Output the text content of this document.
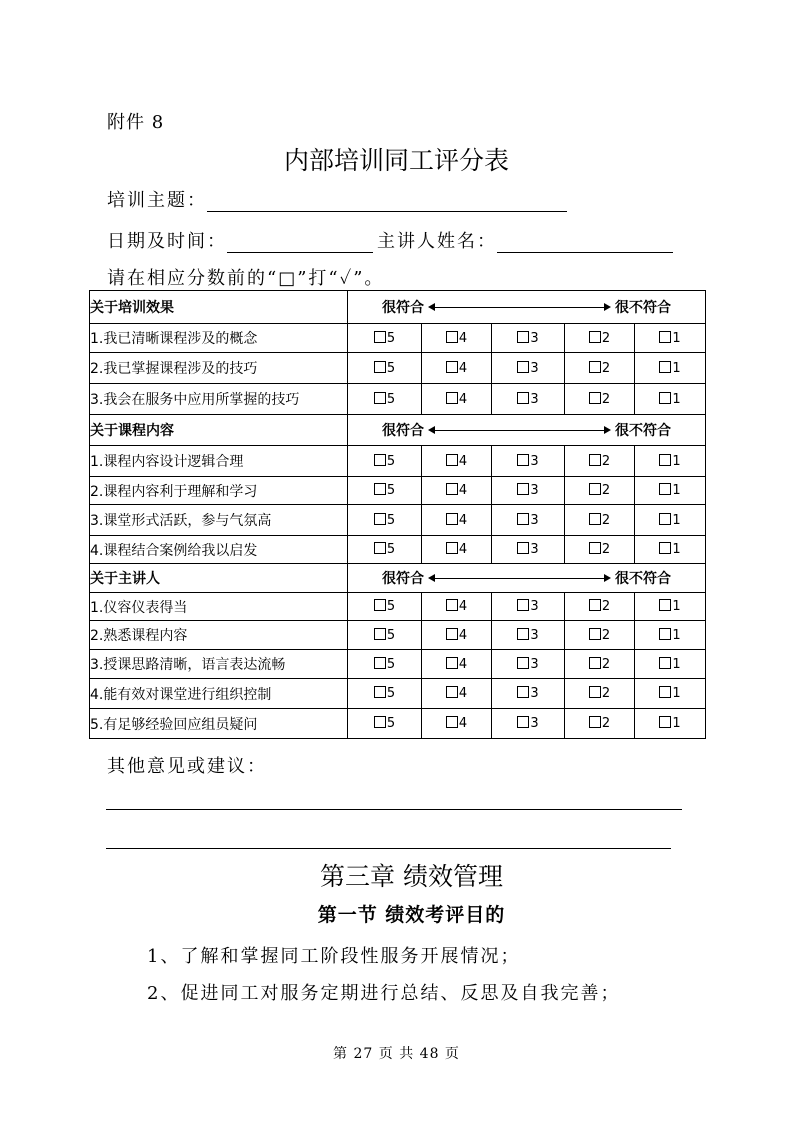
附件 8
内部培训同工评分表
培训主题：
日期及时间：	主讲人姓名：
请在相应分数前的“□”打“✓”。
关于培训效果	很符合 很不符合				

1.我已清晰课程涉及的概念	5	4	3	2	1
2.我已掌握课程涉及的技巧	5	4	3	2	1
3.我会在服务中应用所掌握的技巧	5	4	3	2	1
关于课程内容	很符合 很不符合				

1.课程内容设计逻辑合理	5	4	3	2	1
2.课程内容利于理解和学习	5	4	3	2	1
3.课堂形式活跃，参与气氛高	5	4	3	2	1
4.课程结合案例给我以启发	5	4	3	2	1
关于主讲人	很符合 很不符合				

1.仪容仪表得当	5	4	3	2	1
2.熟悉课程内容	5	4	3	2	1
3.授课思路清晰，语言表达流畅	5	4	3	2	1
4.能有效对课堂进行组织控制	5	4	3	2	1
5.有足够经验回应组员疑问	5	4	3	2	1
其他意见或建议：
第三章 绩效管理
第一节 绩效考评目的
1、了解和掌握同工阶段性服务开展情况；
2、促进同工对服务定期进行总结、反思及自我完善；
第 27 页 共 48 页
